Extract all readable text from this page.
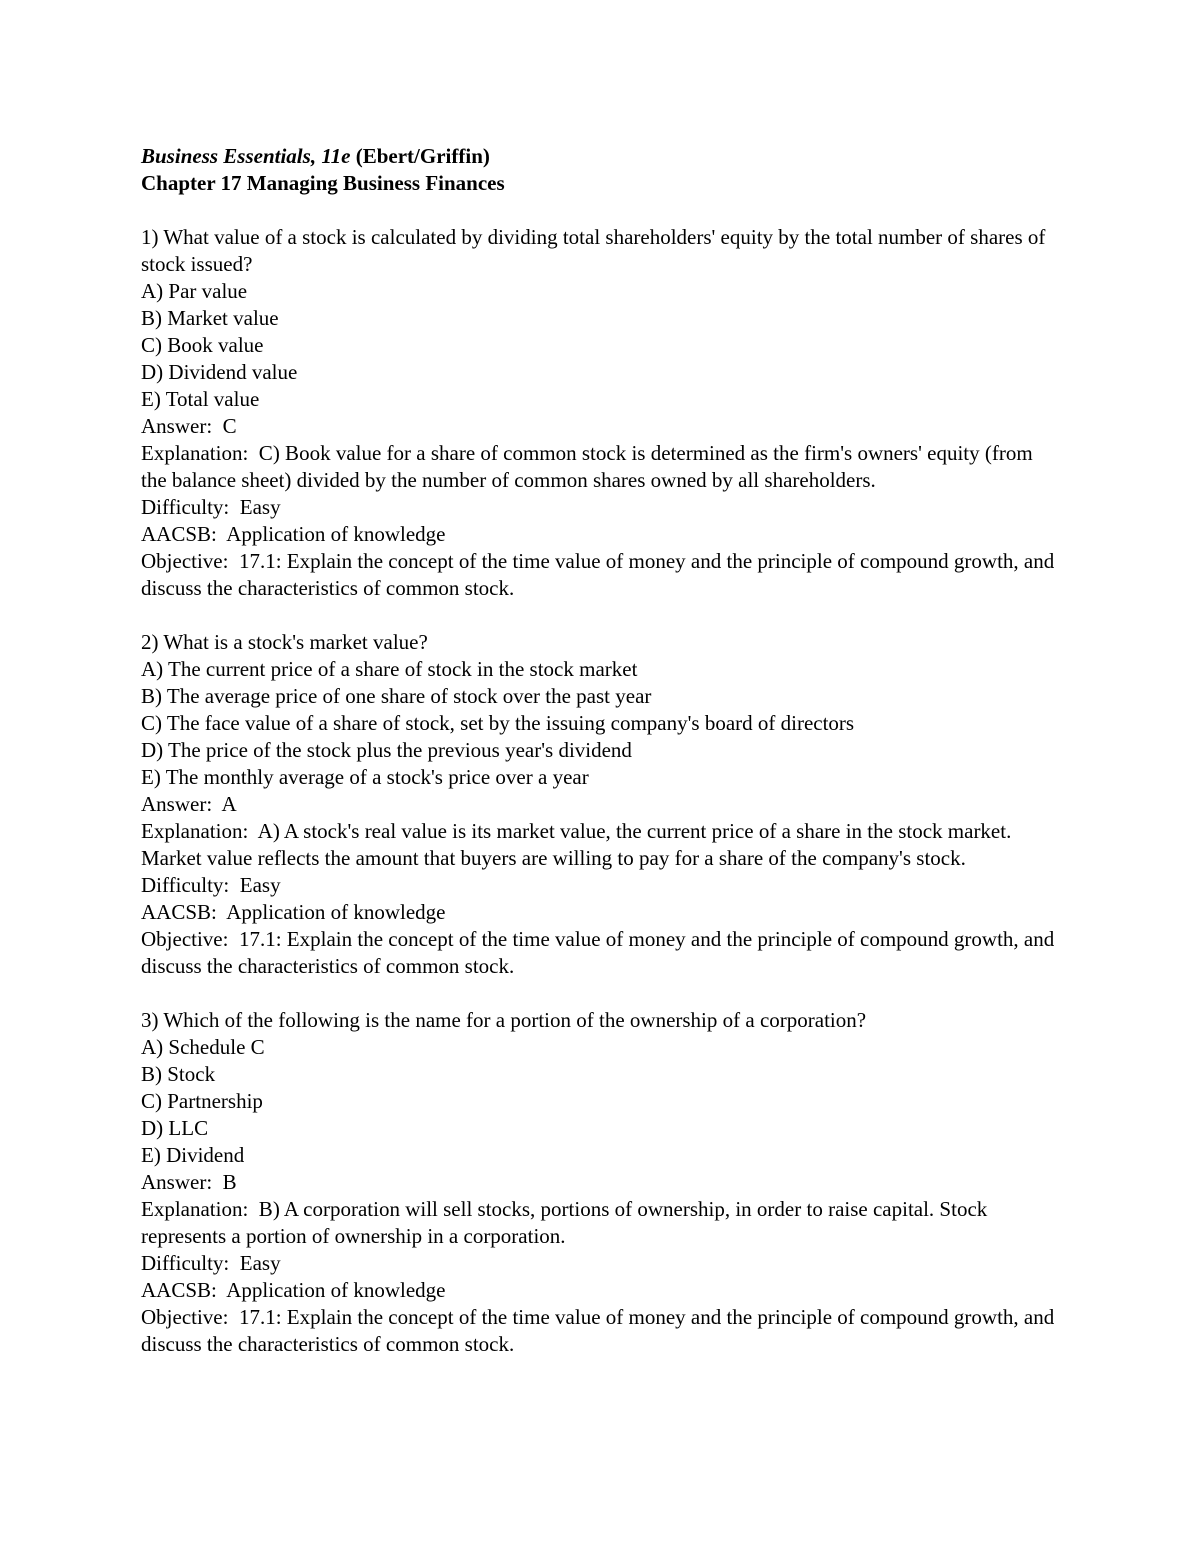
Business Essentials, 11e (Ebert/Griffin)
Chapter 17 Managing Business Finances
1) What value of a stock is calculated by dividing total shareholders' equity by the total number of shares of stock issued?
A) Par value
B) Market value
C) Book value
D) Dividend value
E) Total value
Answer:  C
Explanation:  C) Book value for a share of common stock is determined as the firm's owners' equity (from the balance sheet) divided by the number of common shares owned by all shareholders.
Difficulty:  Easy
AACSB:  Application of knowledge
Objective:  17.1: Explain the concept of the time value of money and the principle of compound growth, and discuss the characteristics of common stock.
2) What is a stock's market value?
A) The current price of a share of stock in the stock market
B) The average price of one share of stock over the past year
C) The face value of a share of stock, set by the issuing company's board of directors
D) The price of the stock plus the previous year's dividend
E) The monthly average of a stock's price over a year
Answer:  A
Explanation:  A) A stock's real value is its market value, the current price of a share in the stock market. Market value reflects the amount that buyers are willing to pay for a share of the company's stock.
Difficulty:  Easy
AACSB:  Application of knowledge
Objective:  17.1: Explain the concept of the time value of money and the principle of compound growth, and discuss the characteristics of common stock.
3) Which of the following is the name for a portion of the ownership of a corporation?
A) Schedule C
B) Stock
C) Partnership
D) LLC
E) Dividend
Answer:  B
Explanation:  B) A corporation will sell stocks, portions of ownership, in order to raise capital. Stock represents a portion of ownership in a corporation.
Difficulty:  Easy
AACSB:  Application of knowledge
Objective:  17.1: Explain the concept of the time value of money and the principle of compound growth, and discuss the characteristics of common stock.
